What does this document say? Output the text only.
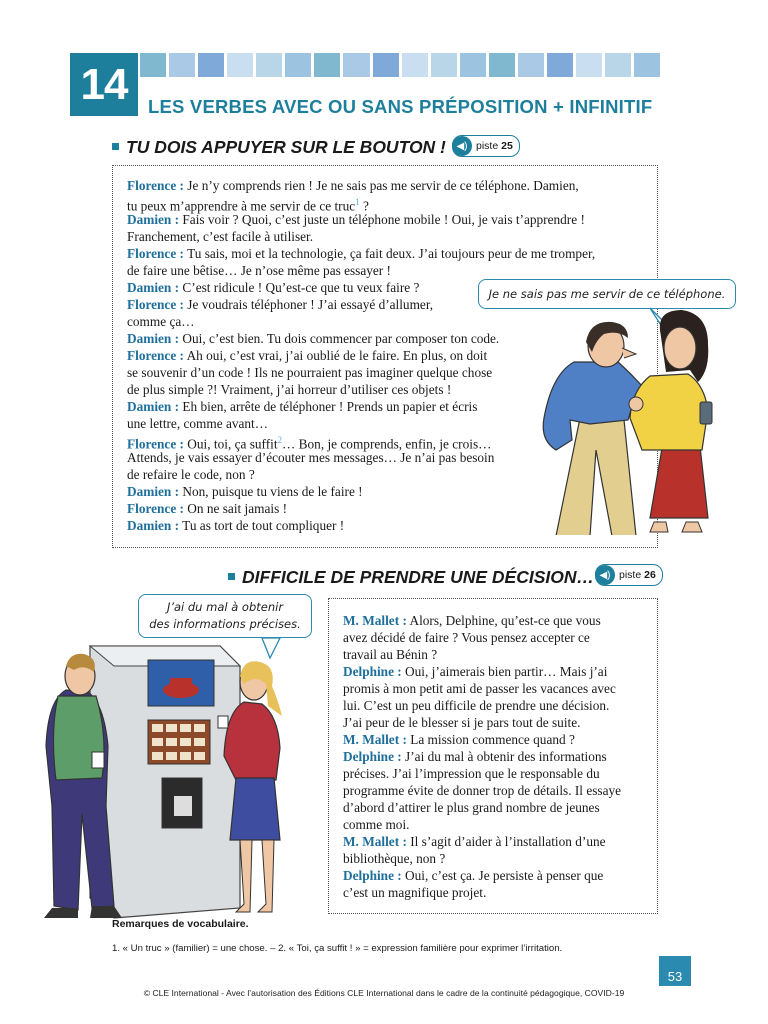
14	LES VERBES AVEC OU SANS PRÉPOSITION + INFINITIF
TU DOIS APPUYER SUR LE BOUTON !	◀) piste 25
Florence : Je n’y comprends rien ! Je ne sais pas me servir de ce téléphone. Damien,
tu peux m’apprendre à me servir de ce truc$^1$ ?
Damien : Fais voir ? Quoi, c’est juste un téléphone mobile ! Oui, je vais t’apprendre !
Franchement, c’est facile à utiliser.
Florence : Tu sais, moi et la technologie, ça fait deux. J’ai toujours peur de me tromper,
de faire une bêtise… Je n’ose même pas essayer !
Damien : C’est ridicule ! Qu’est-ce que tu veux faire ?
Florence : Je voudrais téléphoner ! J’ai essayé d’allumer,
comme ça…
Damien : Oui, c’est bien. Tu dois commencer par composer ton code.
Florence : Ah oui, c’est vrai, j’ai oublié de le faire. En plus, on doit
se souvenir d’un code ! Ils ne pourraient pas imaginer quelque chose
de plus simple ?! Vraiment, j’ai horreur d’utiliser ces objets !
Damien : Eh bien, arrête de téléphoner ! Prends un papier et écris
une lettre, comme avant…
Florence : Oui, toi, ça suffit$^2$… Bon, je comprends, enfin, je crois…
Attends, je vais essayer d’écouter mes messages… Je n’ai pas besoin
de refaire le code, non ?
Damien : Non, puisque tu viens de le faire !
Florence : On ne sait jamais !
Damien : Tu as tort de tout compliquer !
Je ne sais pas me servir de ce téléphone.
DIFFICILE DE PRENDRE UNE DÉCISION… ◀) piste 26
J’ai du mal à obtenir
des informations précises.	M. Mallet : Alors, Delphine, qu’est-ce que vous
avez décidé de faire ? Vous pensez accepter ce
travail au Bénin ?
Delphine : Oui, j’aimerais bien partir… Mais j’ai
promis à mon petit ami de passer les vacances avec
lui. C’est un peu difficile de prendre une décision.
J’ai peur de le blesser si je pars tout de suite.
M. Mallet : La mission commence quand ?
Delphine : J’ai du mal à obtenir des informations
précises. J’ai l’impression que le responsable du
programme évite de donner trop de détails. Il essaye
d’abord d’attirer le plus grand nombre de jeunes
comme moi.
M. Mallet : Il s’agit d’aider à l’installation d’une
bibliothèque, non ?
Delphine : Oui, c’est ça. Je persiste à penser que
c’est un magnifique projet.
Remarques de vocabulaire.
1. « Un truc » (familier) = une chose. – 2. « Toi, ça suffit ! » = expression familière pour exprimer l’irritation.
53
© CLE International - Avec l’autorisation des Éditions CLE International dans le cadre de la continuité pédagogique, COVID-19
